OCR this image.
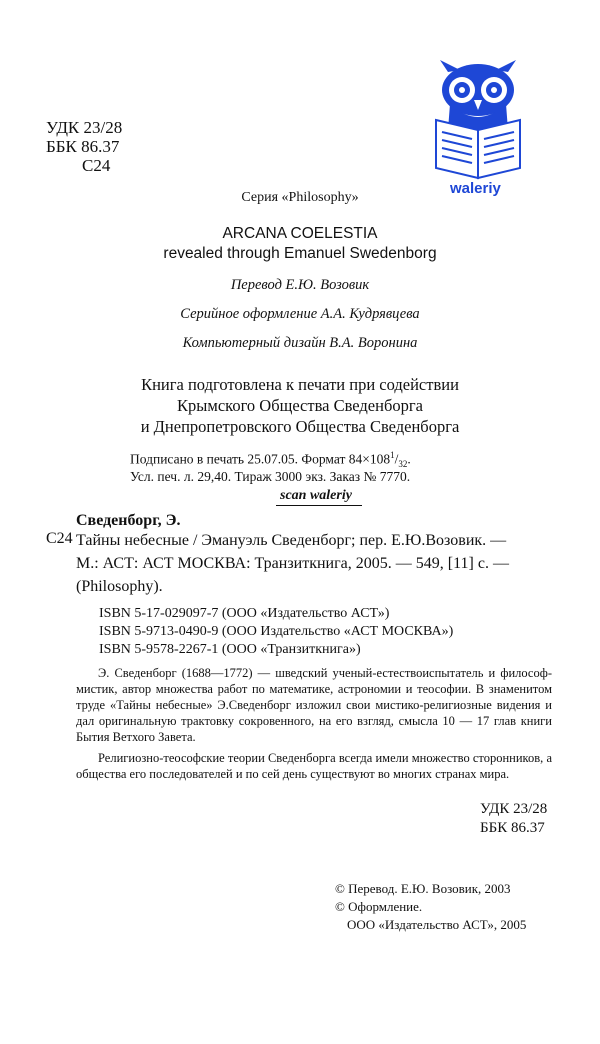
УДК 23/28
ББК 86.37
С24
waleriy
Серия «Philosophy»
ARCANA COELESTIA
revealed through Emanuel Swedenborg
Перевод Е.Ю. Возовик
Серийное оформление А.А. Кудрявцева
Компьютерный дизайн В.А. Воронина
Книга подготовлена к печати при содействии
Крымского Общества Сведенборга
и Днепропетровского Общества Сведенборга
Подписано в печать 25.07.05. Формат $84\times 108^1/_{32}$.
Усл. печ. л. 29,40. Тираж 3000 экз. Заказ № 7770.
scan waleriy
Сведенборг, Э.
С24 Тайны небесные / Эмануэль Сведенборг; пер. Е.Ю.Возовик. —
М.: АСТ: АСТ МОСКВА: Транзиткнига, 2005. — 549, [11] с. —
(Philosophy).
ISBN 5-17-029097-7 (ООО «Издательство АСТ»)
ISBN 5-9713-0490-9 (ООО Издательство «АСТ МОСКВА»)
ISBN 5-9578-2267-1 (ООО «Транзиткнига»)
Э. Сведенборг (1688—1772) — шведский ученый-естествоиспытатель и философ-мистик, автор множества работ по математике, астрономии и теософии. В знаменитом труде «Тайны небесные» Э.Сведенборг изложил свои мистико-религиозные видения и дал оригинальную трактовку сокровенного, на его взгляд, смысла 10 — 17 глав книги Бытия Ветхого Завета.
Религиозно-теософские теории Сведенборга всегда имели множество сторонников, а общества его последователей и по сей день существуют во многих странах мира.
УДК 23/28
ББК 86.37
© Перевод. Е.Ю. Возовик, 2003
© Оформление.
ООО «Издательство АСТ», 2005
